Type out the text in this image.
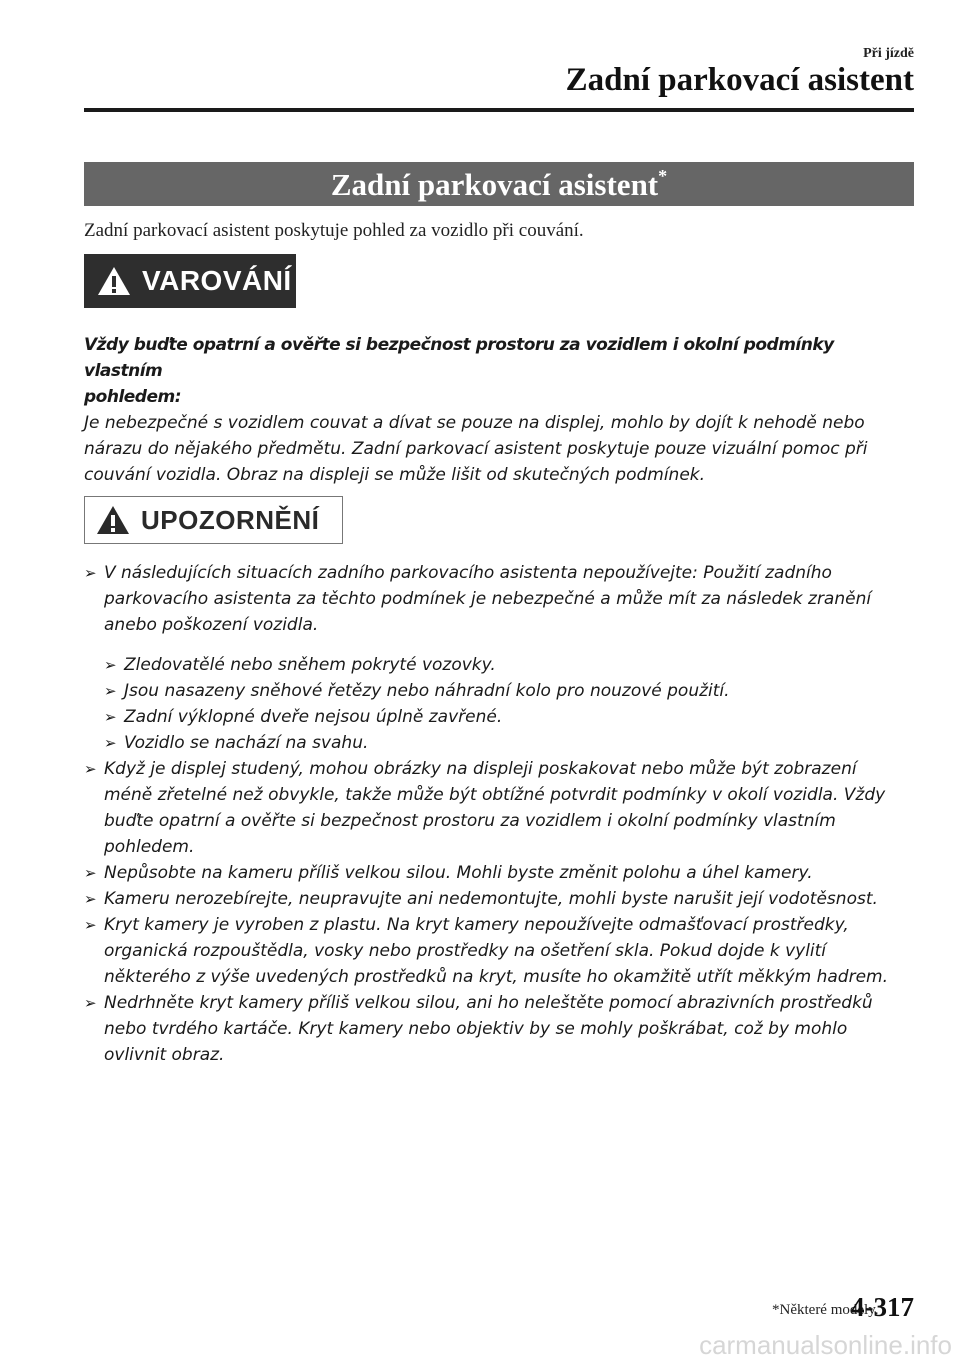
Při jízdě
Zadní parkovací asistent
Zadní parkovací asistent*
Zadní parkovací asistent poskytuje pohled za vozidlo při couvání.
VAROVÁNÍ

Vždy buďte opatrní a ověřte si bezpečnost prostoru za vozidlem i okolní podmínky vlastním

pohledem:

Je nebezpečné s vozidlem couvat a dívat se pouze na displej, mohlo by dojít k nehodě nebo

nárazu do nějakého předmětu. Zadní parkovací asistent poskytuje pouze vizuální pomoc při

couvání vozidla. Obraz na displeji se může lišit od skutečných podmínek.

UPOZORNĚNÍ
➢ V následujících situacích zadního parkovacího asistenta nepoužívejte: Použití zadního
parkovacího asistenta za těchto podmínek je nebezpečné a může mít za následek zranění
anebo poškození vozidla.
➢ Zledovatělé nebo sněhem pokryté vozovky.
➢ Jsou nasazeny sněhové řetězy nebo náhradní kolo pro nouzové použití.
➢ Zadní výklopné dveře nejsou úplně zavřené.
➢ Vozidlo se nachází na svahu.
➢ Když je displej studený, mohou obrázky na displeji poskakovat nebo může být zobrazení
méně zřetelné než obvykle, takže může být obtížné potvrdit podmínky v okolí vozidla. Vždy
buďte opatrní a ověřte si bezpečnost prostoru za vozidlem i okolní podmínky vlastním
pohledem.
➢ Nepůsobte na kameru příliš velkou silou. Mohli byste změnit polohu a úhel kamery.
➢ Kameru nerozebírejte, neupravujte ani nedemontujte, mohli byste narušit její vodotěsnost.
➢ Kryt kamery je vyroben z plastu. Na kryt kamery nepoužívejte odmašťovací prostředky,
organická rozpouštědla, vosky nebo prostředky na ošetření skla. Pokud dojde k vylití
některého z výše uvedených prostředků na kryt, musíte ho okamžitě utřít měkkým hadrem.
➢ Nedrhněte kryt kamery příliš velkou silou, ani ho neleštěte pomocí abrazivních prostředků
nebo tvrdého kartáče. Kryt kamery nebo objektiv by se mohly poškrábat, což by mohlo
ovlivnit obraz.
*Některé modely.
4-317
carmanualsonline.info
